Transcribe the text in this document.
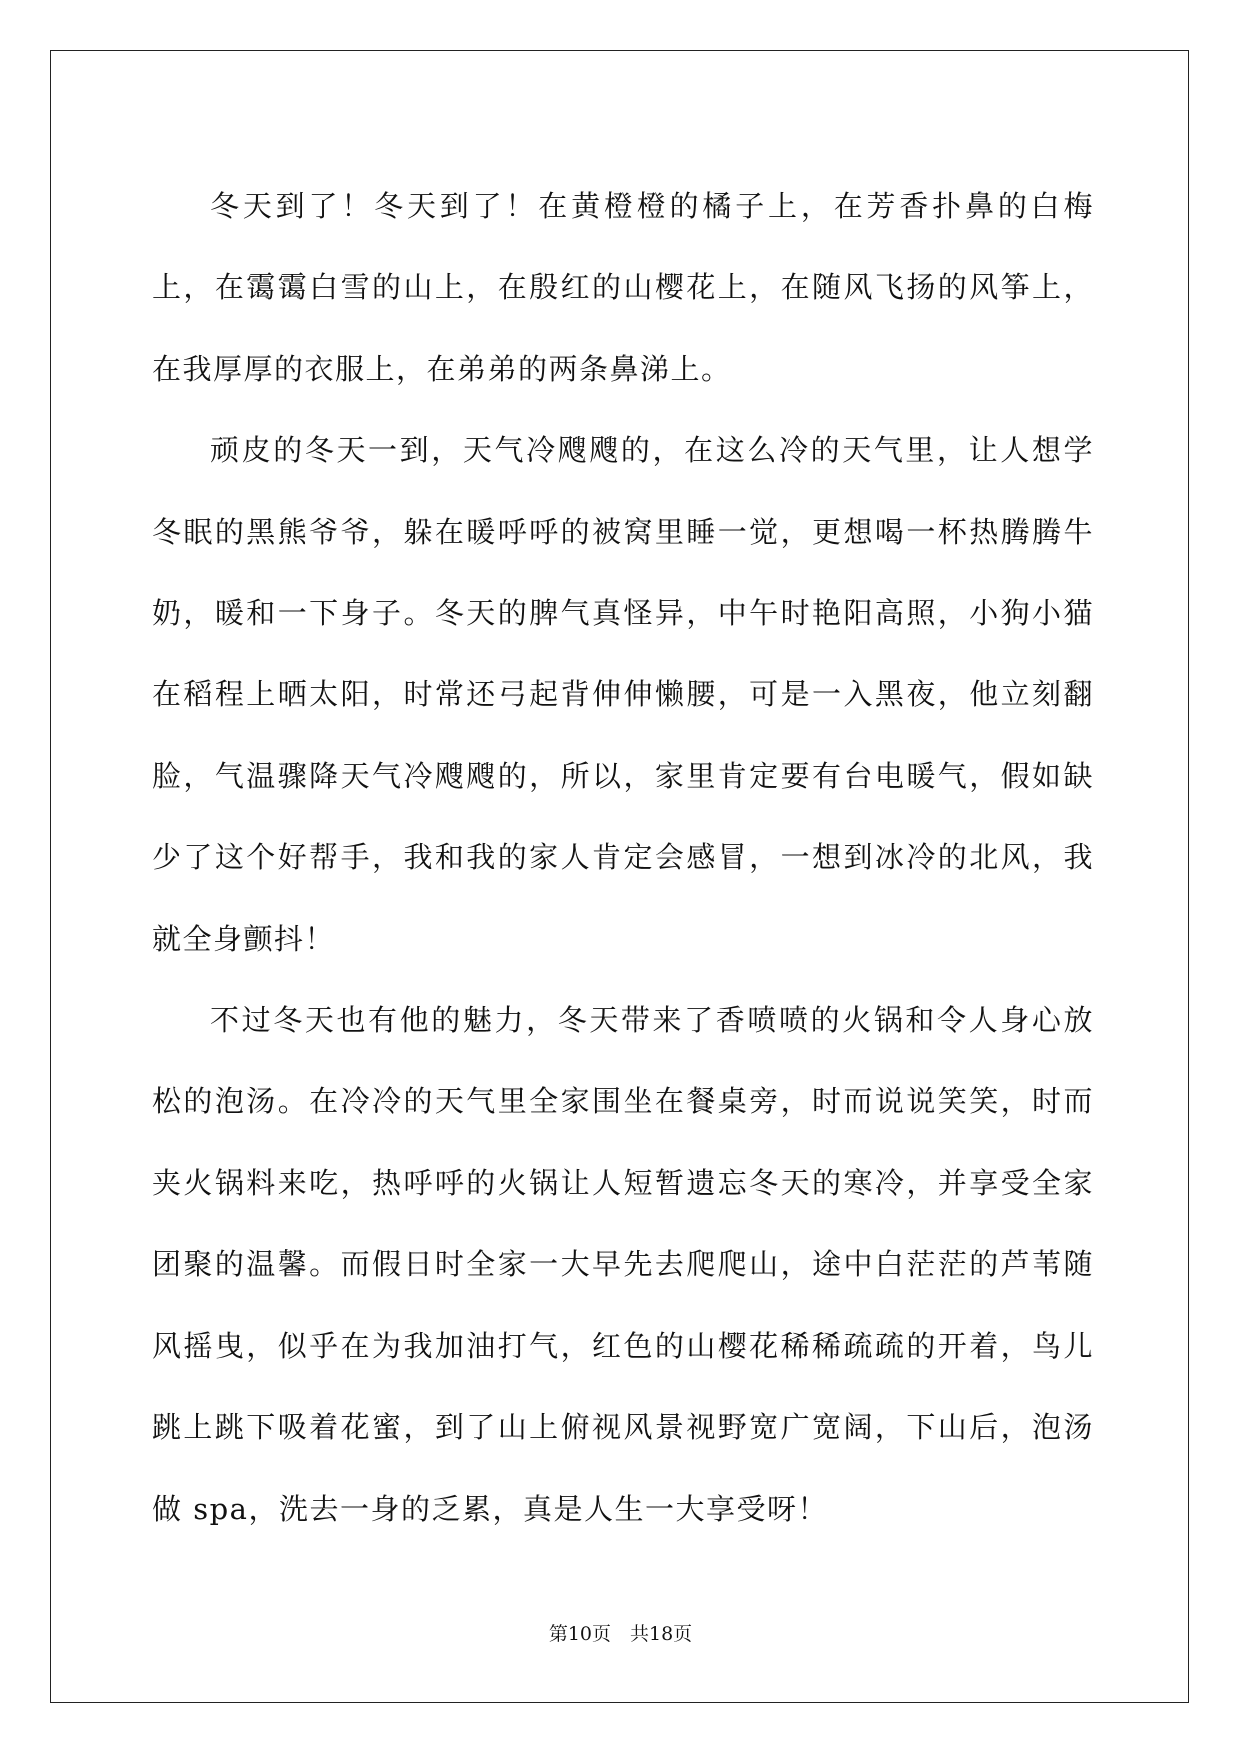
冬天到了！冬天到了！在黄橙橙的橘子上，在芳香扑鼻的白梅上，在霭霭白雪的山上，在殷红的山樱花上，在随风飞扬的风筝上，在我厚厚的衣服上，在弟弟的两条鼻涕上。

顽皮的冬天一到，天气冷飕飕的，在这么冷的天气里，让人想学冬眠的黑熊爷爷，躲在暖呼呼的被窝里睡一觉，更想喝一杯热腾腾牛奶，暖和一下身子。冬天的脾气真怪异，中午时艳阳高照，小狗小猫在稻程上晒太阳，时常还弓起背伸伸懒腰，可是一入黑夜，他立刻翻脸，气温骤降天气冷飕飕的，所以，家里肯定要有台电暖气，假如缺少了这个好帮手，我和我的家人肯定会感冒，一想到冰冷的北风，我就全身颤抖！

不过冬天也有他的魅力，冬天带来了香喷喷的火锅和令人身心放松的泡汤。在冷冷的天气里全家围坐在餐桌旁，时而说说笑笑，时而夹火锅料来吃，热呼呼的火锅让人短暂遗忘冬天的寒冷，并享受全家团聚的温馨。而假日时全家一大早先去爬爬山，途中白茫茫的芦苇随风摇曳，似乎在为我加油打气，红色的山樱花稀稀疏疏的开着，鸟儿跳上跳下吸着花蜜，到了山上俯视风景视野宽广宽阔，下山后，泡汤做 spa，洗去一身的乏累，真是人生一大享受呀！

第10页　共18页
